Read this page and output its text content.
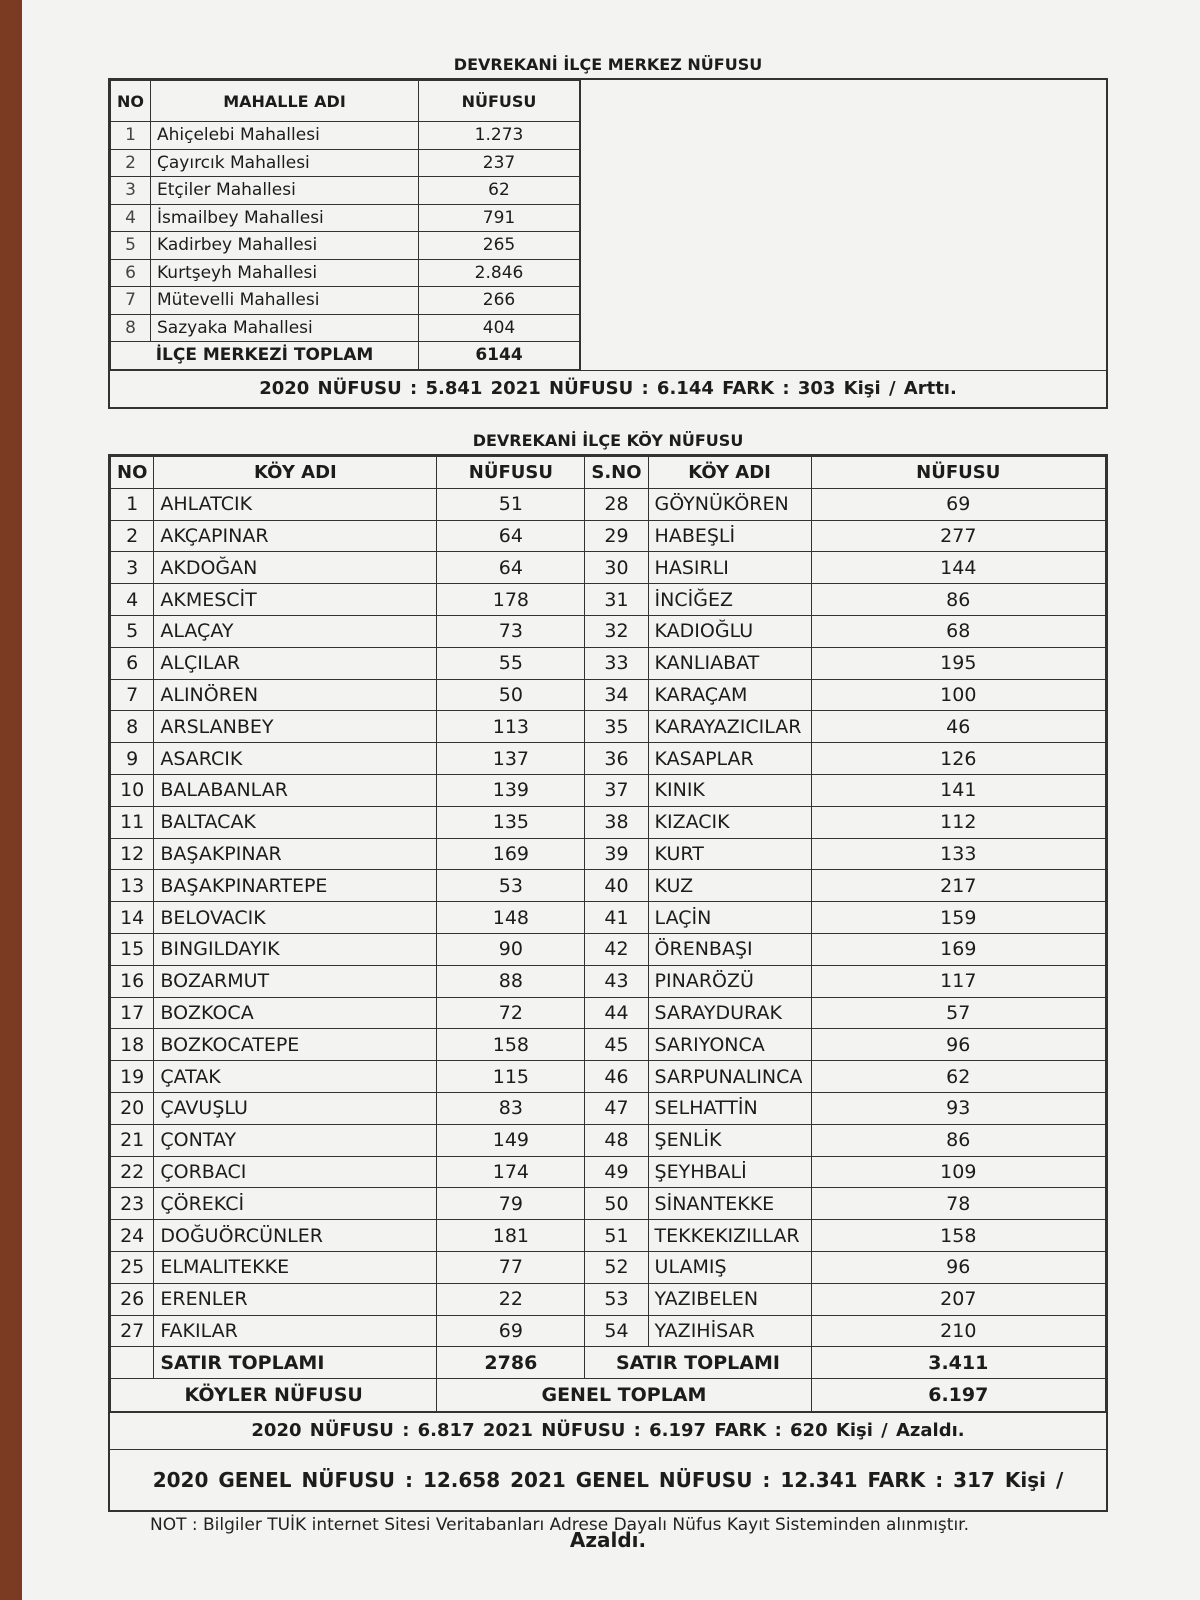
DEVREKANİ İLÇE MERKEZ NÜFUSU
NO	MAHALLE ADI	NÜFUSU
1	Ahiçelebi Mahallesi	1.273
2	Çayırcık Mahallesi	237
3	Etçiler Mahallesi	62
4	İsmailbey Mahallesi	791
5	Kadirbey Mahallesi	265
6	Kurtşeyh Mahallesi	2.846
7	Mütevelli Mahallesi	266
8	Sazyaka Mahallesi	404
İLÇE MERKEZİ TOPLAM		6144
2020 NÜFUSU : 5.841 2021 NÜFUSU : 6.144 FARK : 303 Kişi / Arttı.
DEVREKANİ İLÇE KÖY NÜFUSU
NO	KÖY ADI	NÜFUSU	S.NO	KÖY ADI	NÜFUSU
1	AHLATCIK	51	28	GÖYNÜKÖREN	69
2	AKÇAPINAR	64	29	HABEŞLİ	277
3	AKDOĞAN	64	30	HASIRLI	144
4	AKMESCİT	178	31	İNCİĞEZ	86
5	ALAÇAY	73	32	KADIOĞLU	68
6	ALÇILAR	55	33	KANLIABAT	195
7	ALINÖREN	50	34	KARAÇAM	100
8	ARSLANBEY	113	35	KARAYAZICILAR	46
9	ASARCIK	137	36	KASAPLAR	126
10	BALABANLAR	139	37	KINIK	141
11	BALTACAK	135	38	KIZACIK	112
12	BAŞAKPINAR	169	39	KURT	133
13	BAŞAKPINARTEPE	53	40	KUZ	217
14	BELOVACIK	148	41	LAÇİN	159
15	BINGILDAYIK	90	42	ÖRENBAŞI	169
16	BOZARMUT	88	43	PINARÖZÜ	117
17	BOZKOCA	72	44	SARAYDURAK	57
18	BOZKOCATEPE	158	45	SARIYONCA	96
19	ÇATAK	115	46	SARPUNALINCA	62
20	ÇAVUŞLU	83	47	SELHATTİN	93
21	ÇONTAY	149	48	ŞENLİK	86
22	ÇORBACI	174	49	ŞEYHBALİ	109
23	ÇÖREKCİ	79	50	SİNANTEKKE	78
24	DOĞUÖRCÜNLER	181	51	TEKKEKIZILLAR	158
25	ELMALITEKKE	77	52	ULAMIŞ	96
26	ERENLER	22	53	YAZIBELEN	207
27	FAKILAR	69	54	YAZIHİSAR	210
	SATIR TOPLAMI	2786	SATIR TOPLAMI		3.411
KÖYLER NÜFUSU		GENEL TOPLAM			6.197
2020 NÜFUSU : 6.817 2021 NÜFUSU : 6.197 FARK : 620 Kişi / Azaldı.
2020 GENEL NÜFUSU : 12.658 2021 GENEL NÜFUSU : 12.341 FARK : 317 Kişi / Azaldı.
NOT : Bilgiler TUİK internet Sitesi Veritabanları Adrese Dayalı Nüfus Kayıt Sisteminden alınmıştır.
